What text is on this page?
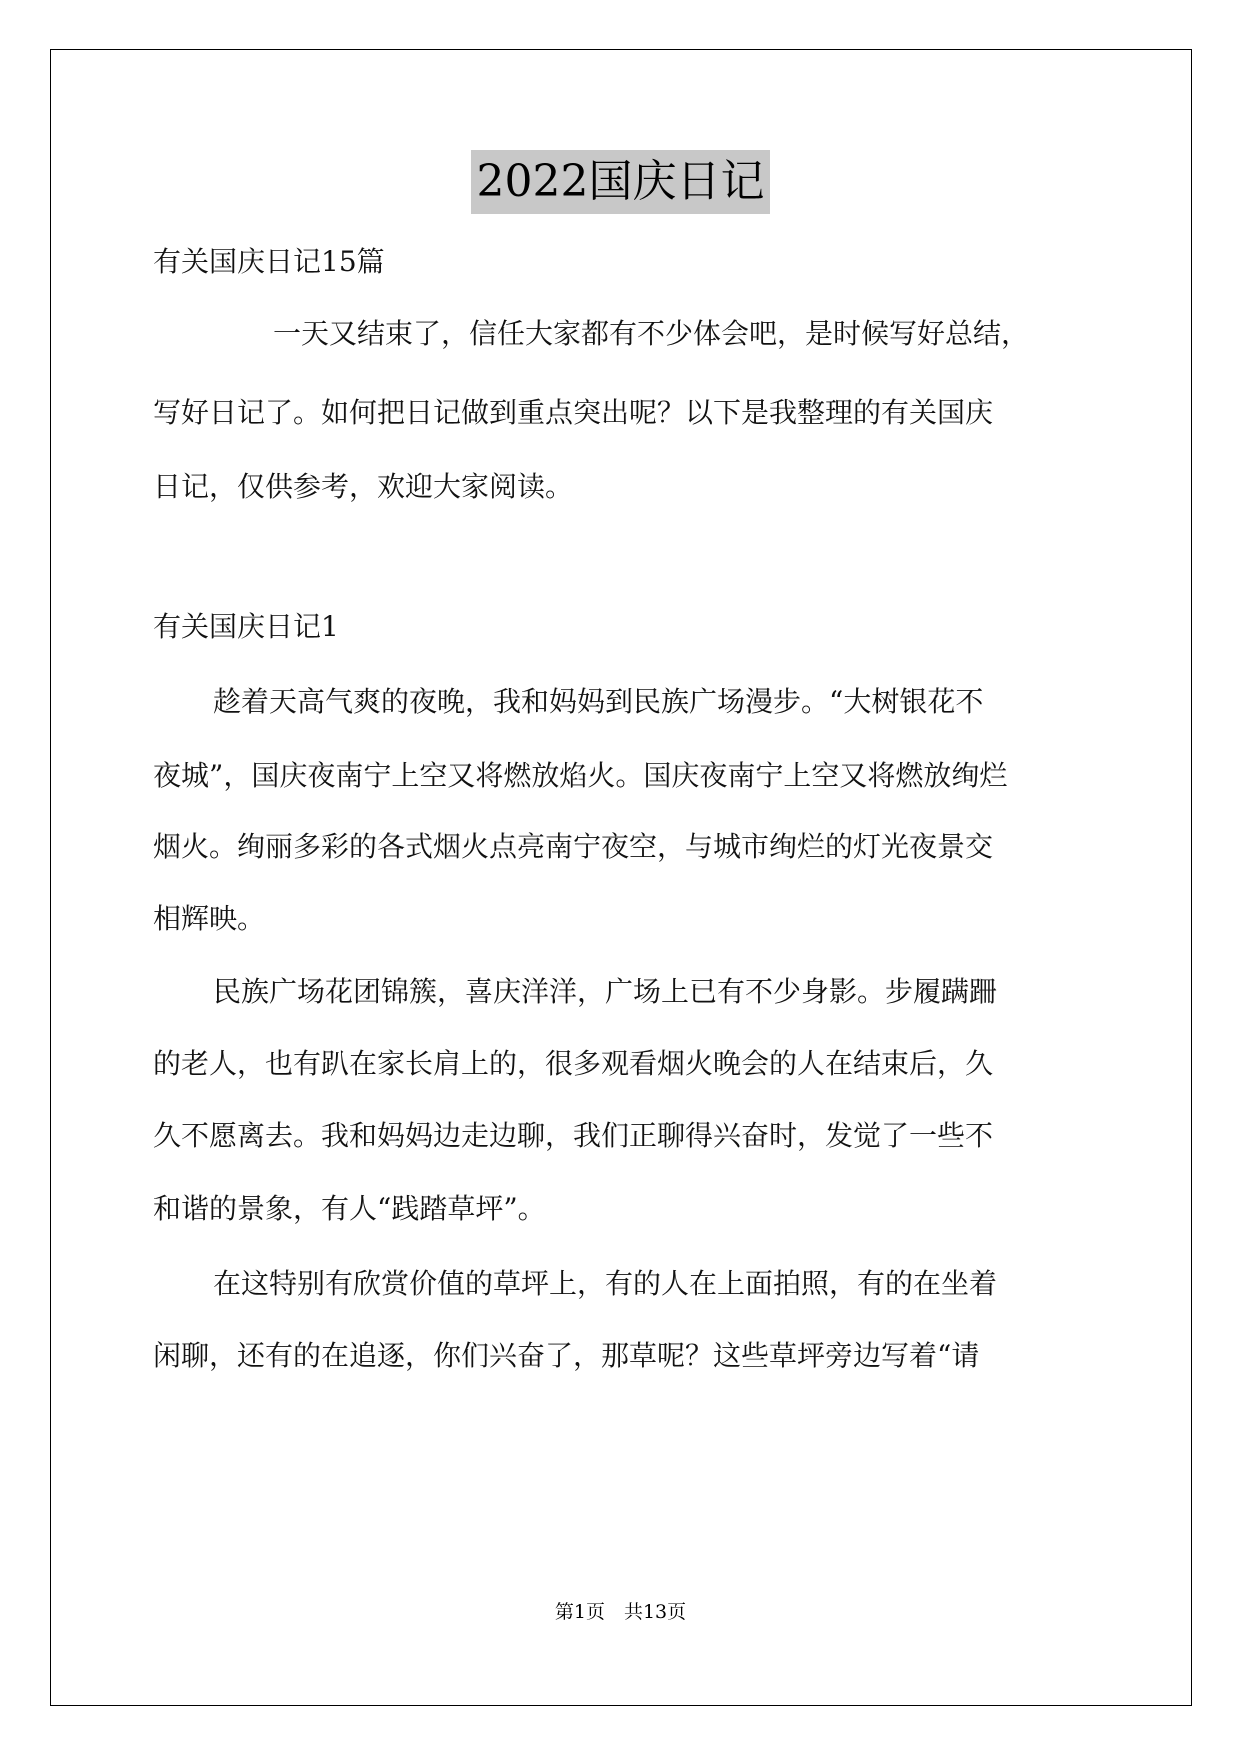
2022国庆日记
有关国庆日记15篇
一天又结束了，信任大家都有不少体会吧，是时候写好总结，
写好日记了。如何把日记做到重点突出呢？以下是我整理的有关国庆
日记，仅供参考，欢迎大家阅读。
有关国庆日记1
趁着天高气爽的夜晚，我和妈妈到民族广场漫步。“大树银花不
夜城”，国庆夜南宁上空又将燃放焰火。国庆夜南宁上空又将燃放绚烂
烟火。绚丽多彩的各式烟火点亮南宁夜空，与城市绚烂的灯光夜景交
相辉映。
民族广场花团锦簇，喜庆洋洋，广场上已有不少身影。步履蹒跚
的老人，也有趴在家长肩上的，很多观看烟火晚会的人在结束后，久
久不愿离去。我和妈妈边走边聊，我们正聊得兴奋时，发觉了一些不
和谐的景象，有人“践踏草坪”。
在这特别有欣赏价值的草坪上，有的人在上面拍照，有的在坐着
闲聊，还有的在追逐，你们兴奋了，那草呢？这些草坪旁边写着“请
第1页　共13页
